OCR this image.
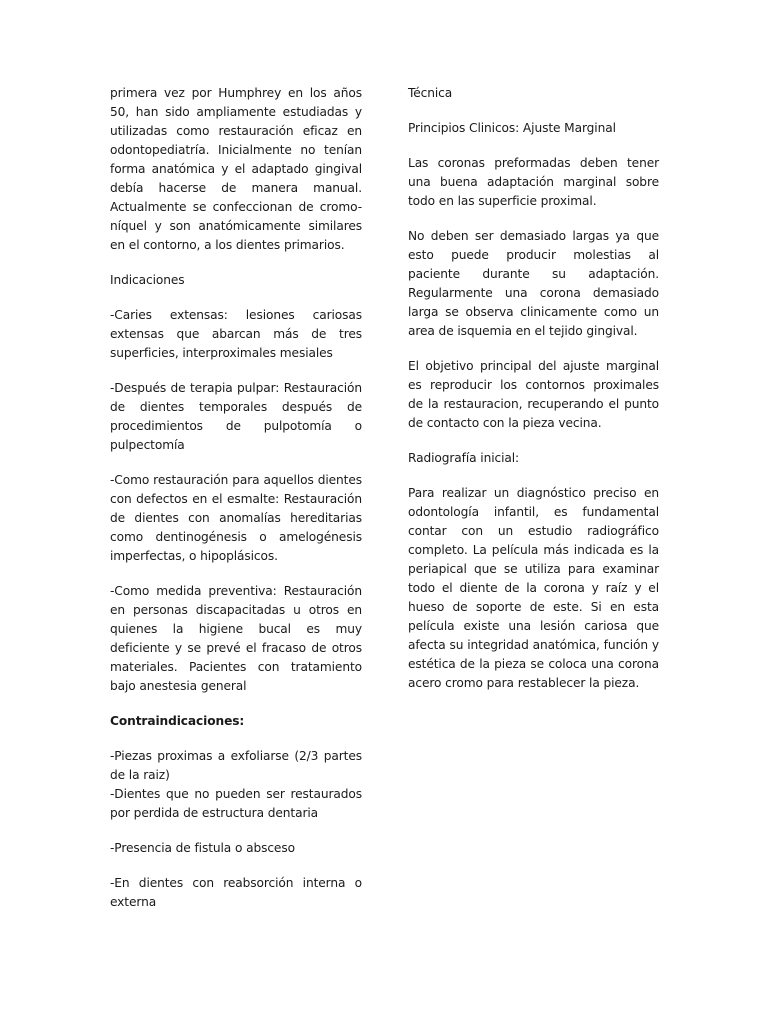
primera vez por Humphrey en los años 50, han sido ampliamente estudiadas y utilizadas como restauración eficaz en odontopediatría. Inicialmente no tenían forma anatómica y el adaptado gingival debía hacerse de manera manual. Actualmente se confeccionan de cromo-níquel y son anatómicamente similares en el contorno, a los dientes primarios.

Indicaciones

-Caries extensas: lesiones cariosas extensas que abarcan más de tres superficies, interproximales mesiales

-Después de terapia pulpar: Restauración de dientes temporales después de procedimientos de pulpotomía o pulpectomía

-Como restauración para aquellos dientes con defectos en el esmalte: Restauración de dientes con anomalías hereditarias como dentinogénesis o amelogénesis imperfectas, o hipoplásicos.

-Como medida preventiva: Restauración en personas discapacitadas u otros en quienes la higiene bucal es muy deficiente y se prevé el fracaso de otros materiales. Pacientes con tratamiento bajo anestesia general

Contraindicaciones:

-Piezas proximas a exfoliarse (2/3 partes de la raiz)

-Dientes que no pueden ser restaurados por perdida de estructura dentaria

-Presencia de fistula o absceso

-En dientes con reabsorción interna o externa

Técnica

Principios Clinicos: Ajuste Marginal

Las coronas preformadas deben tener una buena adaptación marginal sobre todo en las superficie proximal.

No deben ser demasiado largas ya que esto puede producir molestias al paciente durante su adaptación. Regularmente una corona demasiado larga se observa clinicamente como un area de isquemia en el tejido gingival.

El objetivo principal del ajuste marginal es reproducir los contornos proximales de la restauracion, recuperando el punto de contacto con la pieza vecina.

Radiografía inicial:

Para realizar un diagnóstico preciso en odontología infantil, es fundamental contar con un estudio radiográfico completo. La película más indicada es la periapical que se utiliza para examinar todo el diente de la corona y raíz y el hueso de soporte de este. Si en esta película existe una lesión cariosa que afecta su integridad anatómica, función y estética de la pieza se coloca una corona acero cromo para restablecer la pieza.
